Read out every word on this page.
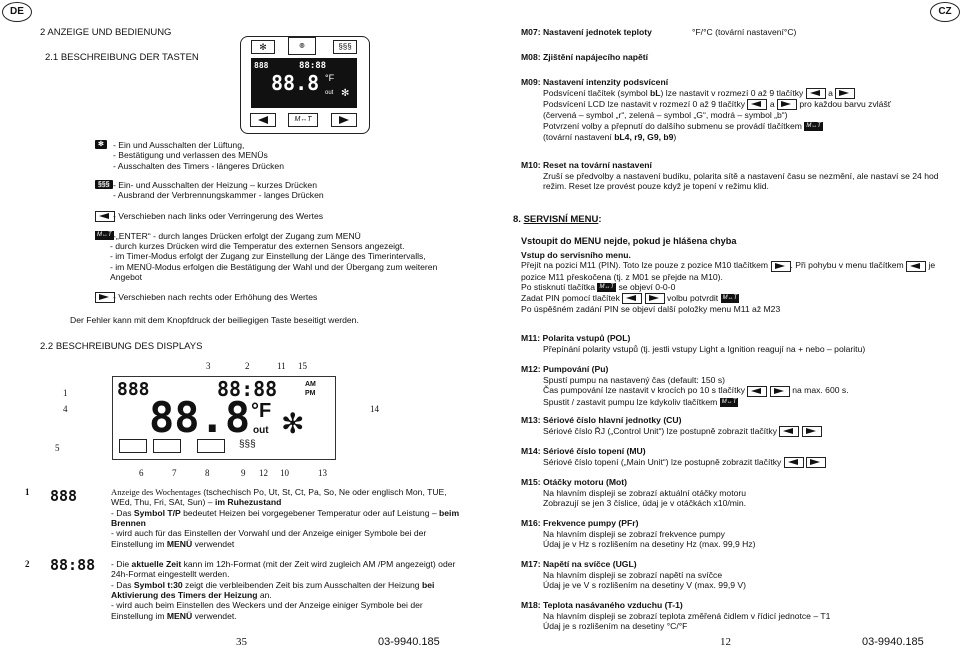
DE	CZ
2 ANZEIGE UND BEDIENUNG
2.1 BESCHREIBUNG DER TASTEN
✻	◎	§§§
888	88:88
88.8 °F
out ✻
M↔T
✻	- Ein und Ausschalten der Lüftung,
- Bestätigung und verlassen des MENÜs
- Ausschalten des Timers - längeres Drücken
§§§ - Ein- und Ausschalten der Heizung – kurzes Drücken
- Ausbrand der Verbrennungskammer - langes Drücken
- Verschieben nach links oder Verringerung des Wertes
M↔T -„ENTER“ - durch langes Drücken erfolgt der Zugang zum MENÜ
- durch kurzes Drücken wird die Temperatur des externen Sensors angezeigt.
- im Timer-Modus erfolgt der Zugang zur Einstellung der Länge des Timerintervalls,
- im MENÜ-Modus erfolgen die Bestätigung der Wahl und der Übergang zum weiteren
Angebot
- Verschieben nach rechts oder Erhöhung des Wertes
Der Fehler kann mit dem Knopfdruck der beiliegigen Taste beseitigt werden.
2.2 BESCHREIBUNG DES DISPLAYS
3	2	11 15
1
4	14
5
888	88:88	AM
PM
88.8 °F
out ✻
§§§
6	7	8	9 12 10	13
1 888	Anzeige des Wochentages (tschechisch Po, Ut, St, Ct, Pa, So, Ne oder englisch Mon, TUE, WEd, Thu, Fri, SAt, Sun) – im Ruhezustand
- Das Symbol T/P bedeutet Heizen bei vorgegebener Temperatur oder auf Leistung – beim Brennen
- wird auch für das Einstellen der Vorwahl und der Anzeige einiger Symbole bei der Einstellung im MENÜ verwendet
2 88:88 - Die aktuelle Zeit kann im 12h-Format (mit der Zeit wird zugleich AM /PM angezeigt) oder 24h-Format eingestellt werden.
- Das Symbol t:30 zeigt die verbleibenden Zeit bis zum Ausschalten der Heizung bei Aktivierung des Timers der Heizung an.
- wird auch beim Einstellen des Weckers und der Anzeige einiger Symbole bei der Einstellung im MENÜ verwendet.
35	03-9940.185
M07: Nastavení jednotek teploty	°F/°C (tovární nastavení°C)
M08: Zjištění napájecího napětí
M09: Nastavení intenzity podsvícení
Podsvícení tlačítek (symbol bL) lze nastavit v rozmezí 0 až 9 tlačítky	a
Podsvícení LCD lze nastavit v rozmezí 0 až 9 tlačítky	a	pro každou barvu zvlášť
(červená – symbol „r“, zelená – symbol „G“, modrá – symbol „b“)
Potvrzení volby a přepnutí do dalšího submenu se provádí tlačítkem M↔T
(tovární nastavení bL4, r9, G9, b9)
M10: Reset na tovární nastavení
Zruší se předvolby a nastavení budíku, polarita sítě a nastavení času se nezmění, ale nastaví se 24 hod režim. Reset lze provést pouze když je topení v režimu klid.
8. SERVISNÍ MENU:
Vstoupit do MENU nejde, pokud je hlášena chyba
Vstup do servisního menu.
Přejít na pozici M11 (PIN). Toto lze pouze z pozice M10 tlačítkem	. Při pohybu v menu tlačítkem	je pozice M11 přeskočena (tj. z M01 se přejde na M10).
Po stisknutí tlačítka M↔T se objeví 0-0-0
Zadat PIN pomocí tlačítek	volbu potvrdit M↔T
Po úspěšném zadání PIN se objeví další položky menu M11 až M23
M11: Polarita vstupů (POL)
Přepínání polarity vstupů (tj. jestli vstupy Light a Ignition reagují na + nebo – polaritu)
M12: Pumpování (Pu)
Spustí pumpu na nastavený čas (default: 150 s)
Čas pumpování lze nastavit v krocích po 10 s tlačítky	na max. 600 s.
Spustit / zastavit pumpu lze kdykoliv tlačítkem M↔T
M13: Sériové číslo hlavní jednotky (CU)
Sériové číslo ŘJ („Control Unit“) lze postupně zobrazit tlačítky
M14: Sériové číslo topení (MU)
Sériové číslo topení („Main Unit“) lze postupně zobrazit tlačítky
M15: Otáčky motoru (Mot)
Na hlavním displeji se zobrazí aktuální otáčky motoru
Zobrazují se jen 3 číslice, údaj je v otáčkách x10/min.
M16: Frekvence pumpy (PFr)
Na hlavním displeji se zobrazí frekvence pumpy
Údaj je v Hz s rozlišením na desetiny Hz (max. 99,9 Hz)
M17: Napětí na svíčce (UGL)
Na hlavním displeji se zobrazí napětí na svíčce
Údaj je ve V s rozlišením na desetiny V (max. 99,9 V)
M18: Teplota nasávaného vzduchu (T-1)
Na hlavním displeji se zobrazí teplota změřená čidlem v řídicí jednotce – T1
Údaj je s rozlišením na desetiny °C/°F
12	03-9940.185
